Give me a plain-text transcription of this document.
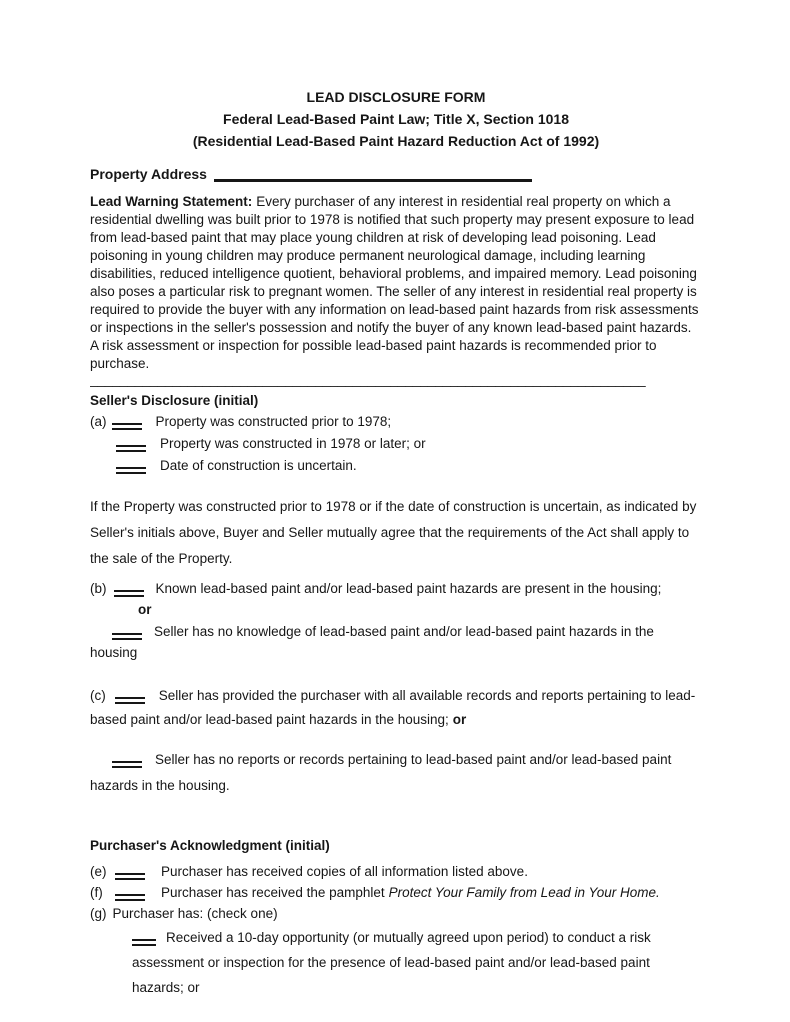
LEAD DISCLOSURE FORM
Federal Lead-Based Paint Law; Title X, Section 1018
(Residential Lead-Based Paint Hazard Reduction Act of 1992)
Property Address

Lead Warning Statement: Every purchaser of any interest in residential real property on which a residential dwelling was built prior to 1978 is notified that such property may present exposure to lead from lead-based paint that may place young children at risk of developing lead poisoning. Lead poisoning in young children may produce permanent neurological damage, including learning disabilities, reduced intelligence quotient, behavioral problems, and impaired memory. Lead poisoning also poses a particular risk to pregnant women. The seller of any interest in residential real property is required to provide the buyer with any information on lead-based paint hazards from risk assessments or inspections in the seller's possession and notify the buyer of any known lead-based paint hazards. A risk assessment or inspection for possible lead-based paint hazards is recommended prior to purchase.

__________________________________________________________________________
Seller's Disclosure (initial)
(a)	Property was constructed prior to 1978;
Property was constructed in 1978 or later; or
Date of construction is uncertain.

If the Property was constructed prior to 1978 or if the date of construction is uncertain, as indicated by Seller's initials above, Buyer and Seller mutually agree that the requirements of the Act shall apply to the sale of the Property.

(b)	Known lead-based paint and/or lead-based paint hazards are present in the housing;
or
Seller has no knowledge of lead-based paint and/or lead-based paint hazards in the housing

(c)	Seller has provided the purchaser with all available records and reports pertaining to lead-based paint and/or lead-based paint hazards in the housing; or

Seller has no reports or records pertaining to lead-based paint and/or lead-based paint hazards in the housing.

Purchaser's Acknowledgment (initial)
(e)	Purchaser has received copies of all information listed above.
(f)	Purchaser has received the pamphlet Protect Your Family from Lead in Your Home.
(g) Purchaser has: (check one)
Received a 10-day opportunity (or mutually agreed upon period) to conduct a risk assessment or inspection for the presence of lead-based paint and/or lead-based paint hazards; or
